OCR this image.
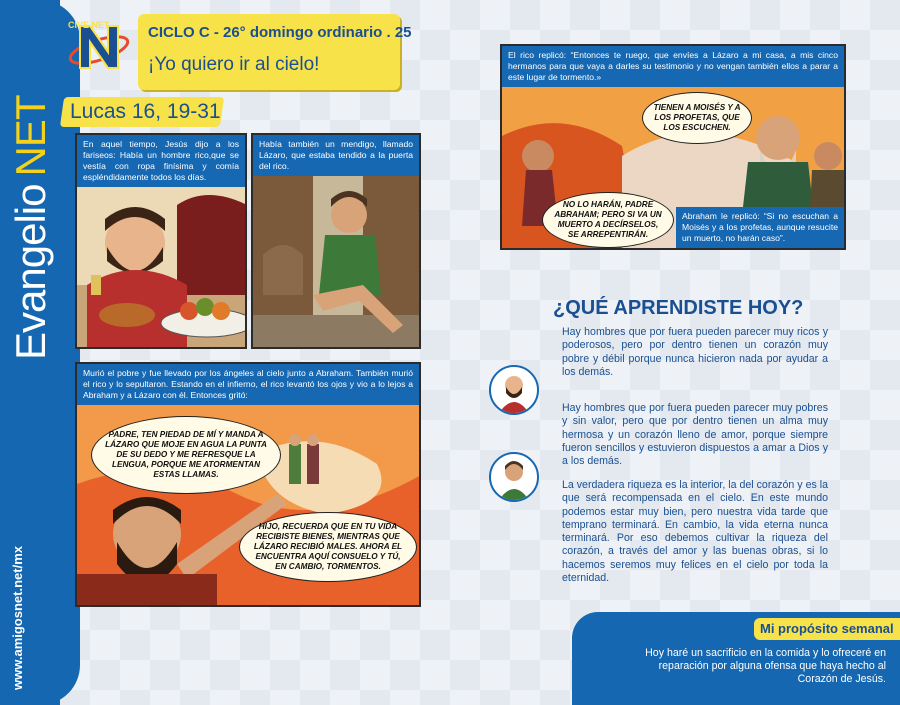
EvangelioNET
www.amigosnet.net/mx
CIVE NET	CICLO C - 26° domingo ordinario . 25
¡Yo quiero ir al cielo!
Lucas 16, 19-31
En aquel tiempo, Jesús dijo a los fariseos: Había un hombre rico,que se vestía con ropa finísima y comía espléndidamente todos los días.
Había también un mendigo, llamado Lázaro, que estaba tendido a la puerta del rico.
Murió el pobre y fue llevado por los ángeles al cielo junto a Abraham. También murió el rico y lo sepultaron. Estando en el infierno, el rico levantó los ojos y vio a lo lejos a Abraham y a Lázaro con él. Entonces gritó:
PADRE, TEN PIEDAD DE MÍ Y MANDA A LÁZARO QUE MOJE EN AGUA LA PUNTA DE SU DEDO Y ME REFRESQUE LA LENGUA, PORQUE ME ATORMENTAN ESTAS LLAMAS.
HIJO, RECUERDA QUE EN TU VIDA RECIBISTE BIENES, MIENTRAS QUE LÁZARO RECIBIÓ MALES. AHORA EL ENCUENTRA AQUÍ CONSUELO Y TÚ, EN CAMBIO, TORMENTOS.
El rico replicó: “Entonces te ruego, que envíes a Lázaro a mi casa, a mis cinco hermanos para que vaya a darles su testimonio y no vengan también ellos a parar a este lugar de tormento.»
TIENEN A MOISÉS Y A LOS PROFETAS, QUE LOS ESCUCHEN.
NO LO HARÁN, PADRE ABRAHAM; PERO SI VA UN MUERTO A DECÍRSELOS, SE ARREPENTIRÁN.
Abraham le replicó: “Si no escuchan a Moisés y a los profetas, aunque resucite un muerto, no harán caso”.
¿QUÉ APRENDISTE HOY?
Hay hombres que por fuera pueden parecer muy ricos y poderosos, pero por dentro tienen un corazón muy pobre y débil porque nunca hicieron nada por ayudar a los demás.
Hay hombres que por fuera pueden parecer muy pobres y sin valor, pero que por dentro tienen un alma muy hermosa y un corazón lleno de amor, porque siempre fueron sencillos y estuvieron dispuestos a amar a Dios y a los demás.
La verdadera riqueza es la interior, la del corazón y es la que será recompensada en el cielo. En este mundo podemos estar muy bien, pero nuestra vida tarde que temprano terminará. En cambio, la vida eterna nunca terminará. Por eso debemos cultivar la riqueza del corazón, a través del amor y las buenas obras, si lo hacemos seremos muy felices en el cielo por toda la eternidad.
Mi propósito semanal
Hoy haré un sacrificio en la comida y lo ofreceré en reparación por alguna ofensa que haya hecho al Corazón de Jesús.
